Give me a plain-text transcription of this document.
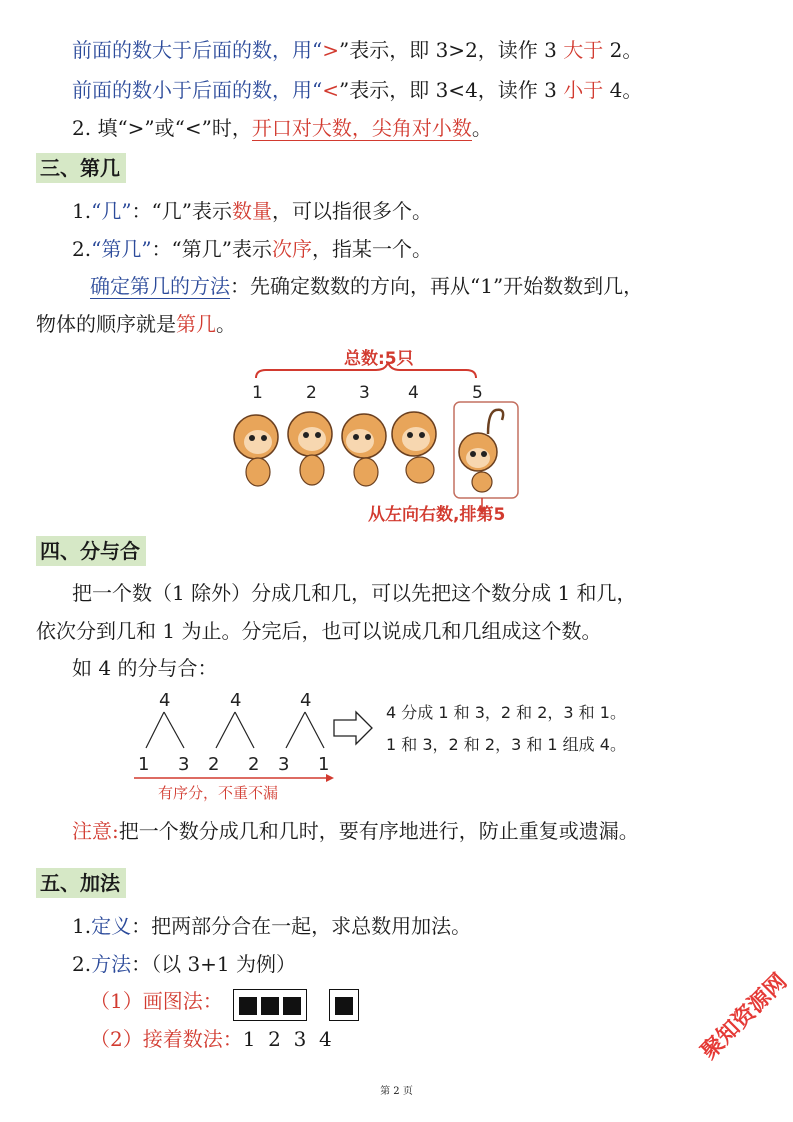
前面的数大于后面的数，用“>”表示，即 3>2，读作 3 大于 2。
前面的数小于后面的数，用“<”表示，即 3<4，读作 3 小于 4。
2. 填“>”或“<”时，开口对大数，尖角对小数。
三、第几
1.“几”：“几”表示数量，可以指很多个。
2.“第几”：“第几”表示次序，指某一个。
确定第几的方法：先确定数数的方向，再从“1”开始数数到几，
物体的顺序就是第几。
总数:5只
1	2 3 4	5
从左向右数,排第5
四、分与合
把一个数（1 除外）分成几和几，可以先把这个数分成 1 和几，
依次分到几和 1 为止。分完后，也可以说成几和几组成这个数。
如 4 的分与合：
4
1 3
4
2 2
4
3 1
有序分，不重不漏
4 分成 1 和 3，2 和 2，3 和 1。
1 和 3，2 和 2，3 和 1 组成 4。
注意:把一个数分成几和几时，要有序地进行，防止重复或遗漏。
五、加法
1.定义：把两部分合在一起，求总数用加法。
2.方法：（以 3+1 为例）
（1）画图法：
（2）接着数法：1  2  3  4	聚知资源网
第 2 页
